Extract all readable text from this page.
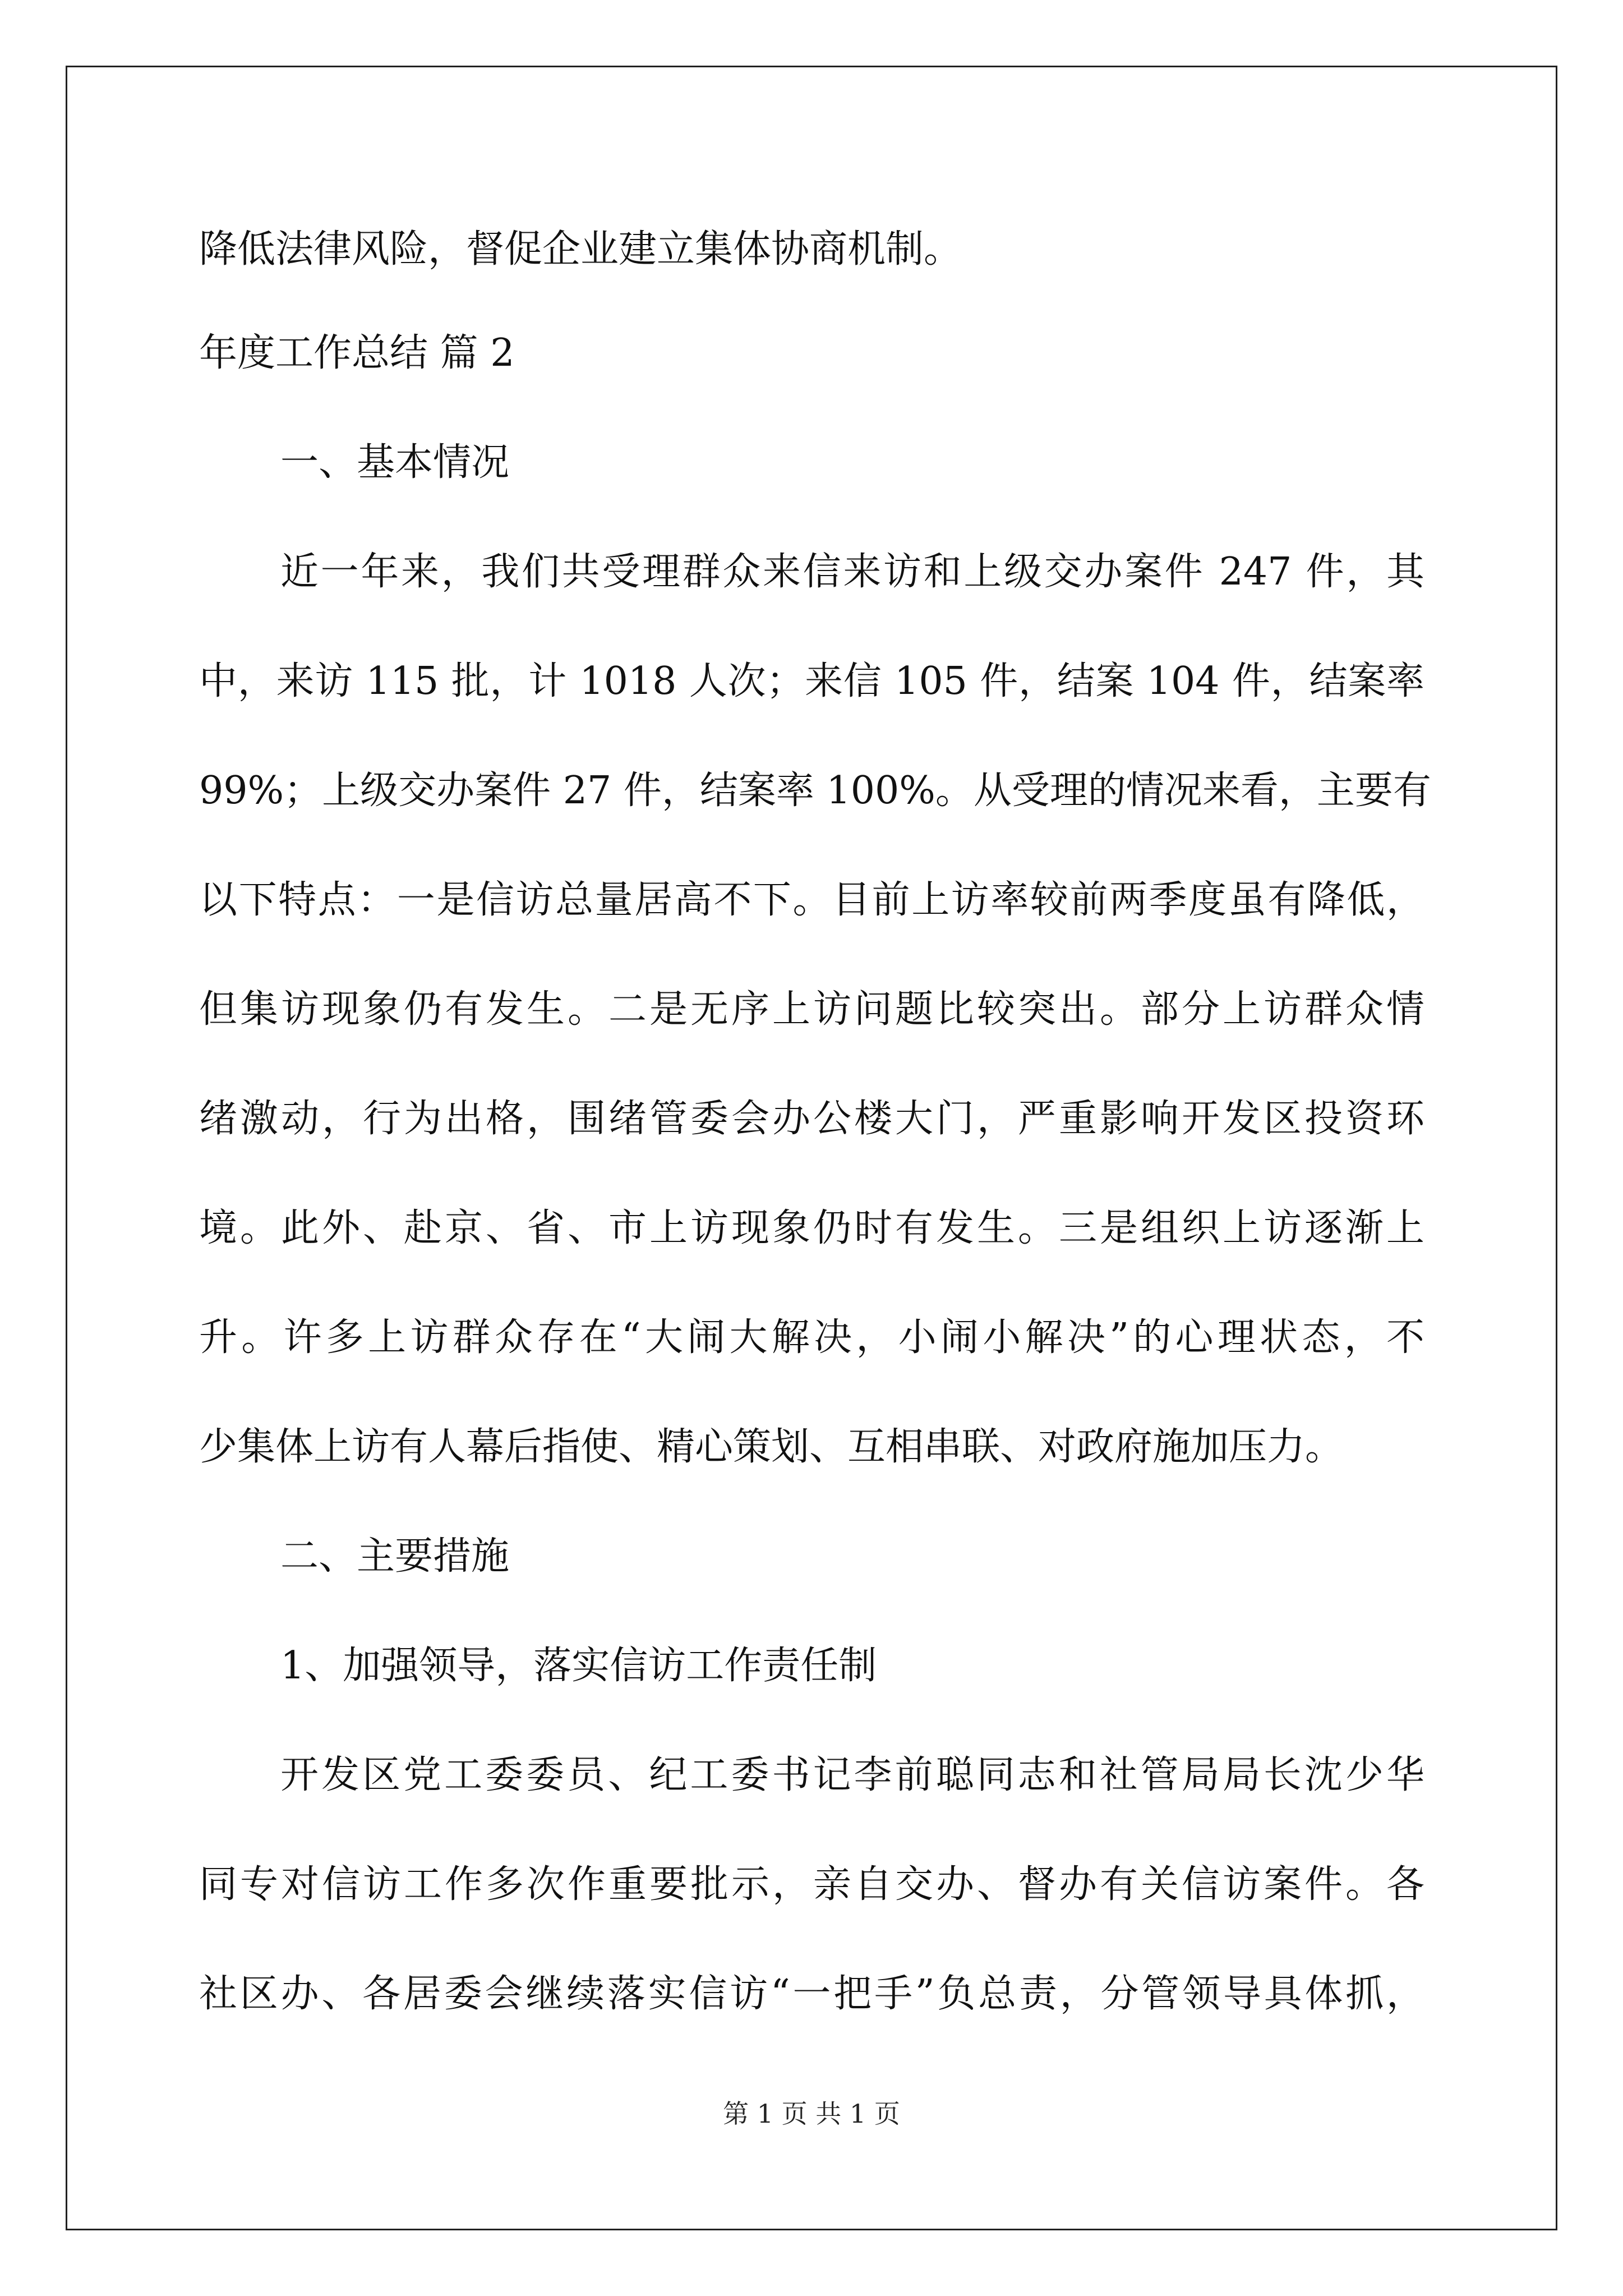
降低法律风险，督促企业建立集体协商机制。
年度工作总结 篇 2
一、基本情况
近一年来，我们共受理群众来信来访和上级交办案件 247 件，其
中，来访 115 批，计 1018 人次；来信 105 件，结案 104 件，结案率
99%；上级交办案件 27 件，结案率 100%。从受理的情况来看，主要有
以下特点：一是信访总量居高不下。目前上访率较前两季度虽有降低，
但集访现象仍有发生。二是无序上访问题比较突出。部分上访群众情
绪激动，行为出格，围绪管委会办公楼大门，严重影响开发区投资环
境。此外、赴京、省、市上访现象仍时有发生。三是组织上访逐渐上
升。许多上访群众存在“大闹大解决，小闹小解决”的心理状态，不
少集体上访有人幕后指使、精心策划、互相串联、对政府施加压力。
二、主要措施
1、加强领导，落实信访工作责任制
开发区党工委委员、纪工委书记李前聪同志和社管局局长沈少华
同专对信访工作多次作重要批示，亲自交办、督办有关信访案件。各
社区办、各居委会继续落实信访“一把手”负总责，分管领导具体抓，
第 1 页 共 1 页
